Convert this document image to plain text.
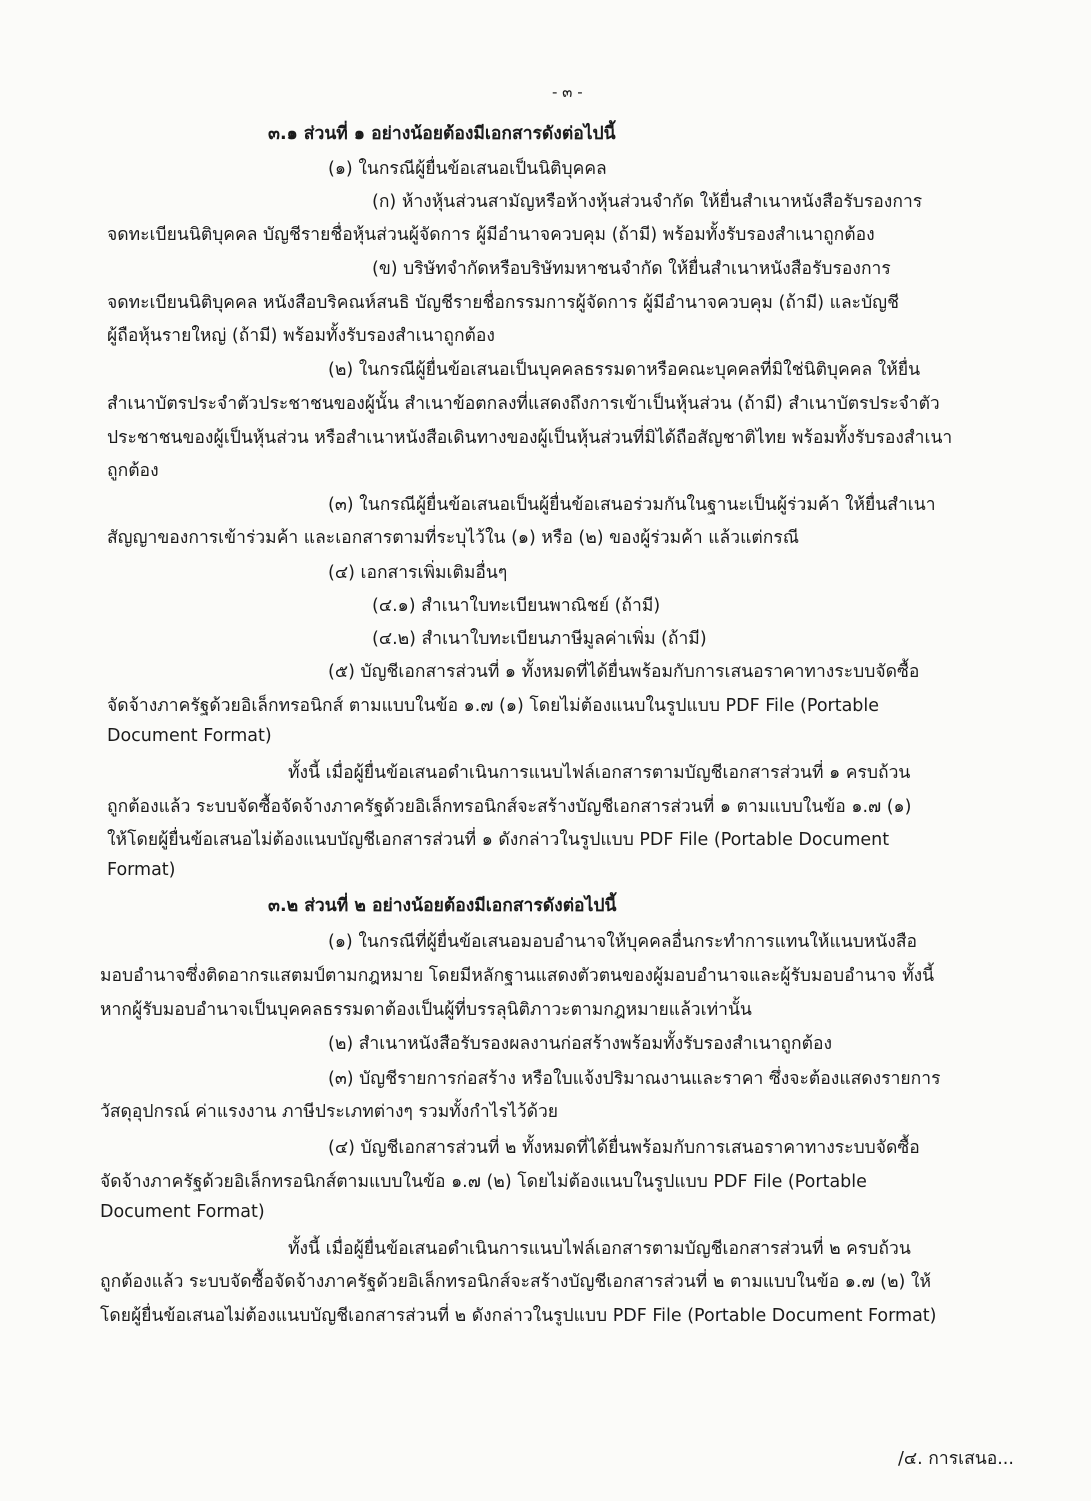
- ๓ -
๓.๑ ส่วนที่ ๑ อย่างน้อยต้องมีเอกสารดังต่อไปนี้
(๑) ในกรณีผู้ยื่นข้อเสนอเป็นนิติบุคคล
(ก) ห้างหุ้นส่วนสามัญหรือห้างหุ้นส่วนจำกัด ให้ยื่นสำเนาหนังสือรับรองการ
จดทะเบียนนิติบุคคล บัญชีรายชื่อหุ้นส่วนผู้จัดการ ผู้มีอำนาจควบคุม (ถ้ามี) พร้อมทั้งรับรองสำเนาถูกต้อง
(ข) บริษัทจำกัดหรือบริษัทมหาชนจำกัด ให้ยื่นสำเนาหนังสือรับรองการ
จดทะเบียนนิติบุคคล หนังสือบริคณห์สนธิ บัญชีรายชื่อกรรมการผู้จัดการ ผู้มีอำนาจควบคุม (ถ้ามี) และบัญชี
ผู้ถือหุ้นรายใหญ่ (ถ้ามี) พร้อมทั้งรับรองสำเนาถูกต้อง
(๒) ในกรณีผู้ยื่นข้อเสนอเป็นบุคคลธรรมดาหรือคณะบุคคลที่มิใช่นิติบุคคล ให้ยื่น
สำเนาบัตรประจำตัวประชาชนของผู้นั้น สำเนาข้อตกลงที่แสดงถึงการเข้าเป็นหุ้นส่วน (ถ้ามี) สำเนาบัตรประจำตัว
ประชาชนของผู้เป็นหุ้นส่วน หรือสำเนาหนังสือเดินทางของผู้เป็นหุ้นส่วนที่มิได้ถือสัญชาติไทย พร้อมทั้งรับรองสำเนา
ถูกต้อง
(๓) ในกรณีผู้ยื่นข้อเสนอเป็นผู้ยื่นข้อเสนอร่วมกันในฐานะเป็นผู้ร่วมค้า ให้ยื่นสำเนา
สัญญาของการเข้าร่วมค้า และเอกสารตามที่ระบุไว้ใน (๑) หรือ (๒) ของผู้ร่วมค้า แล้วแต่กรณี
(๔) เอกสารเพิ่มเติมอื่นๆ
(๔.๑) สำเนาใบทะเบียนพาณิชย์ (ถ้ามี)
(๔.๒) สำเนาใบทะเบียนภาษีมูลค่าเพิ่ม (ถ้ามี)
(๕) บัญชีเอกสารส่วนที่ ๑ ทั้งหมดที่ได้ยื่นพร้อมกับการเสนอราคาทางระบบจัดซื้อ
จัดจ้างภาครัฐด้วยอิเล็กทรอนิกส์ ตามแบบในข้อ ๑.๗ (๑) โดยไม่ต้องแนบในรูปแบบ PDF File (Portable
Document Format)
ทั้งนี้ เมื่อผู้ยื่นข้อเสนอดำเนินการแนบไฟล์เอกสารตามบัญชีเอกสารส่วนที่ ๑ ครบถ้วน
ถูกต้องแล้ว ระบบจัดซื้อจัดจ้างภาครัฐด้วยอิเล็กทรอนิกส์จะสร้างบัญชีเอกสารส่วนที่ ๑ ตามแบบในข้อ ๑.๗ (๑)
ให้โดยผู้ยื่นข้อเสนอไม่ต้องแนบบัญชีเอกสารส่วนที่ ๑ ดังกล่าวในรูปแบบ PDF File (Portable Document
Format)
๓.๒ ส่วนที่ ๒ อย่างน้อยต้องมีเอกสารดังต่อไปนี้
(๑) ในกรณีที่ผู้ยื่นข้อเสนอมอบอำนาจให้บุคคลอื่นกระทำการแทนให้แนบหนังสือ
มอบอำนาจซึ่งติดอากรแสตมป์ตามกฎหมาย โดยมีหลักฐานแสดงตัวตนของผู้มอบอำนาจและผู้รับมอบอำนาจ ทั้งนี้
หากผู้รับมอบอำนาจเป็นบุคคลธรรมดาต้องเป็นผู้ที่บรรลุนิติภาวะตามกฎหมายแล้วเท่านั้น
(๒) สำเนาหนังสือรับรองผลงานก่อสร้างพร้อมทั้งรับรองสำเนาถูกต้อง
(๓) บัญชีรายการก่อสร้าง หรือใบแจ้งปริมาณงานและราคา ซึ่งจะต้องแสดงรายการ
วัสดุอุปกรณ์ ค่าแรงงาน ภาษีประเภทต่างๆ รวมทั้งกำไรไว้ด้วย
(๔) บัญชีเอกสารส่วนที่ ๒ ทั้งหมดที่ได้ยื่นพร้อมกับการเสนอราคาทางระบบจัดซื้อ
จัดจ้างภาครัฐด้วยอิเล็กทรอนิกส์ตามแบบในข้อ ๑.๗ (๒) โดยไม่ต้องแนบในรูปแบบ PDF File (Portable
Document Format)
ทั้งนี้ เมื่อผู้ยื่นข้อเสนอดำเนินการแนบไฟล์เอกสารตามบัญชีเอกสารส่วนที่ ๒ ครบถ้วน
ถูกต้องแล้ว ระบบจัดซื้อจัดจ้างภาครัฐด้วยอิเล็กทรอนิกส์จะสร้างบัญชีเอกสารส่วนที่ ๒ ตามแบบในข้อ ๑.๗ (๒) ให้
โดยผู้ยื่นข้อเสนอไม่ต้องแนบบัญชีเอกสารส่วนที่ ๒ ดังกล่าวในรูปแบบ PDF File (Portable Document Format)
/๔. การเสนอ...
